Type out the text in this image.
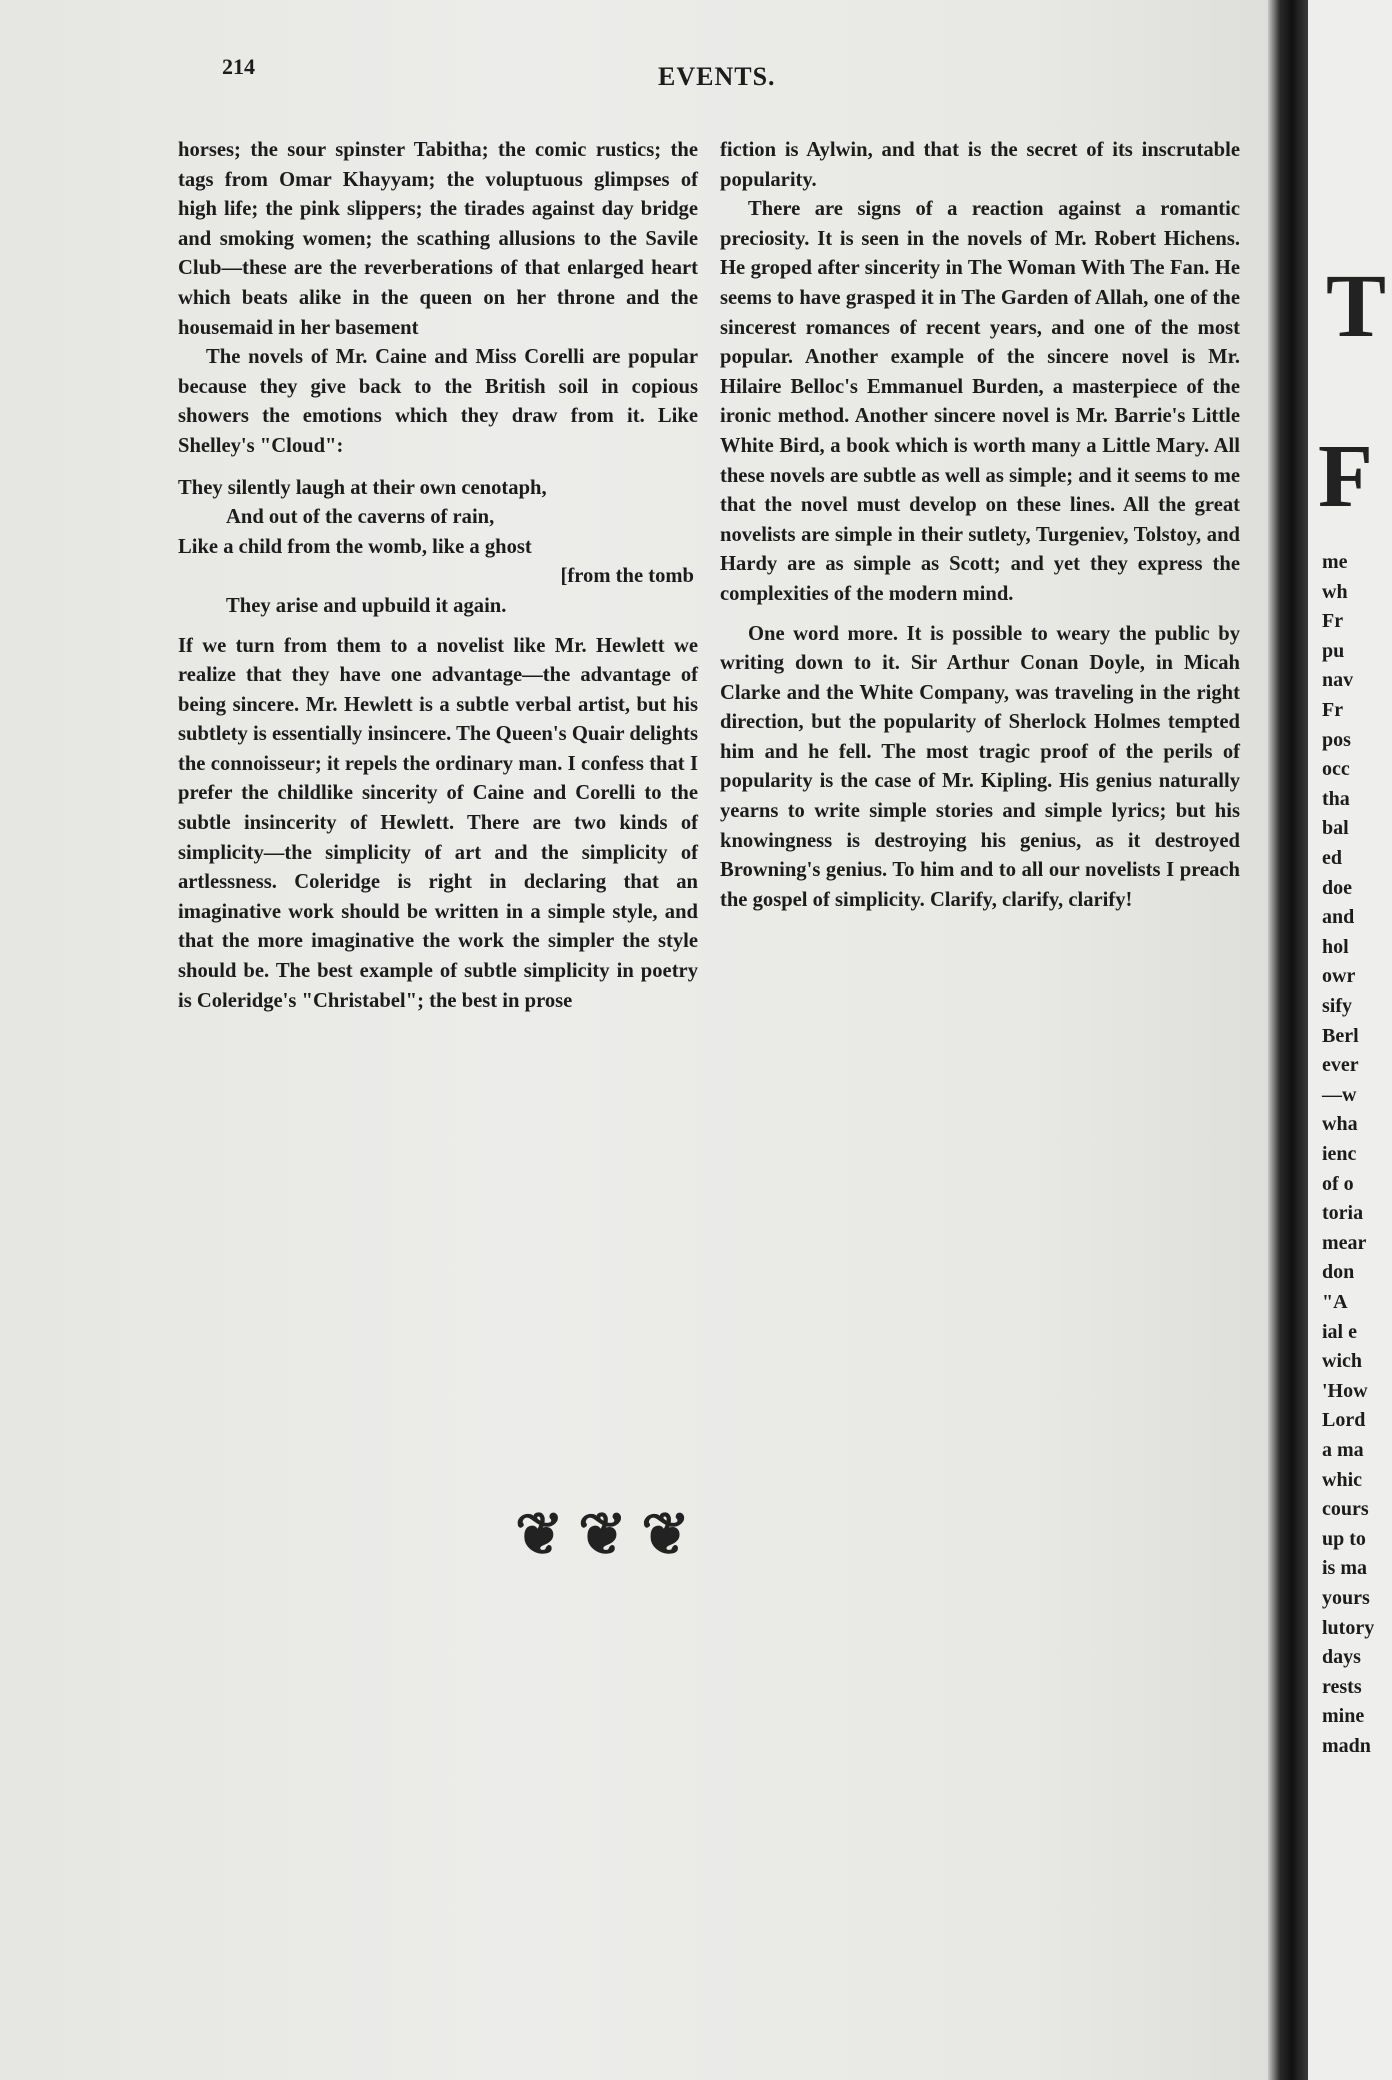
214	EVENTS.

horses; the sour spinster Tabitha; the comic rustics; the tags from Omar Khayyam; the voluptuous glimpses of high life; the pink slippers; the tirades against day bridge and smoking women; the scathing allusions to the Savile Club—these are the reverberations of that enlarged heart which beats alike in the queen on her throne and the housemaid in her basement

The novels of Mr. Caine and Miss Corelli are popular because they give back to the British soil in copious showers the emotions which they draw from it. Like Shelley's "Cloud":

They silently laugh at their own cenotaph,
And out of the caverns of rain,
Like a child from the womb, like a ghost
[from the tomb
They arise and upbuild it again.

If we turn from them to a novelist like Mr. Hewlett we realize that they have one advantage—the advantage of being sincere. Mr. Hewlett is a subtle verbal artist, but his subtlety is essentially insincere. The Queen's Quair delights the connoisseur; it repels the ordinary man. I confess that I prefer the childlike sincerity of Caine and Corelli to the subtle insincerity of Hewlett. There are two kinds of simplicity—the simplicity of art and the simplicity of artlessness. Coleridge is right in declaring that an imaginative work should be written in a simple style, and that the more imaginative the work the simpler the style should be. The best example of subtle simplicity in poetry is Coleridge's "Christabel"; the best in prose

fiction is Aylwin, and that is the secret of its inscrutable popularity.

There are signs of a reaction against a romantic preciosity. It is seen in the novels of Mr. Robert Hichens. He groped after sincerity in The Woman With The Fan. He seems to have grasped it in The Garden of Allah, one of the sincerest romances of recent years, and one of the most popular. Another example of the sincere novel is Mr. Hilaire Belloc's Emmanuel Burden, a masterpiece of the ironic method. Another sincere novel is Mr. Barrie's Little White Bird, a book which is worth many a Little Mary. All these novels are subtle as well as simple; and it seems to me that the novel must develop on these lines. All the great novelists are simple in their sutlety, Turgeniev, Tolstoy, and Hardy are as simple as Scott; and yet they express the complexities of the modern mind.

One word more. It is possible to weary the public by writing down to it. Sir Arthur Conan Doyle, in Micah Clarke and the White Company, was traveling in the right direction, but the popularity of Sherlock Holmes tempted him and he fell. The most tragic proof of the perils of popularity is the case of Mr. Kipling. His genius naturally yearns to write simple stories and simple lyrics; but his knowingness is destroying his genius, as it destroyed Browning's genius. To him and to all our novelists I preach the gospel of simplicity. Clarify, clarify, clarify!

❦ ❦ ❦
T
F
me
wh
Fr
pu
nav
Fr
pos
occ
tha
bal
ed
doe
and
hol
owr
sify
Berl
ever
—w
wha
ienc
of o
toria
mear
don
"A
ial e
wich
'How
Lord
a ma
whic
cours
up to
is ma
yours
lutory
days
rests
mine
madn
